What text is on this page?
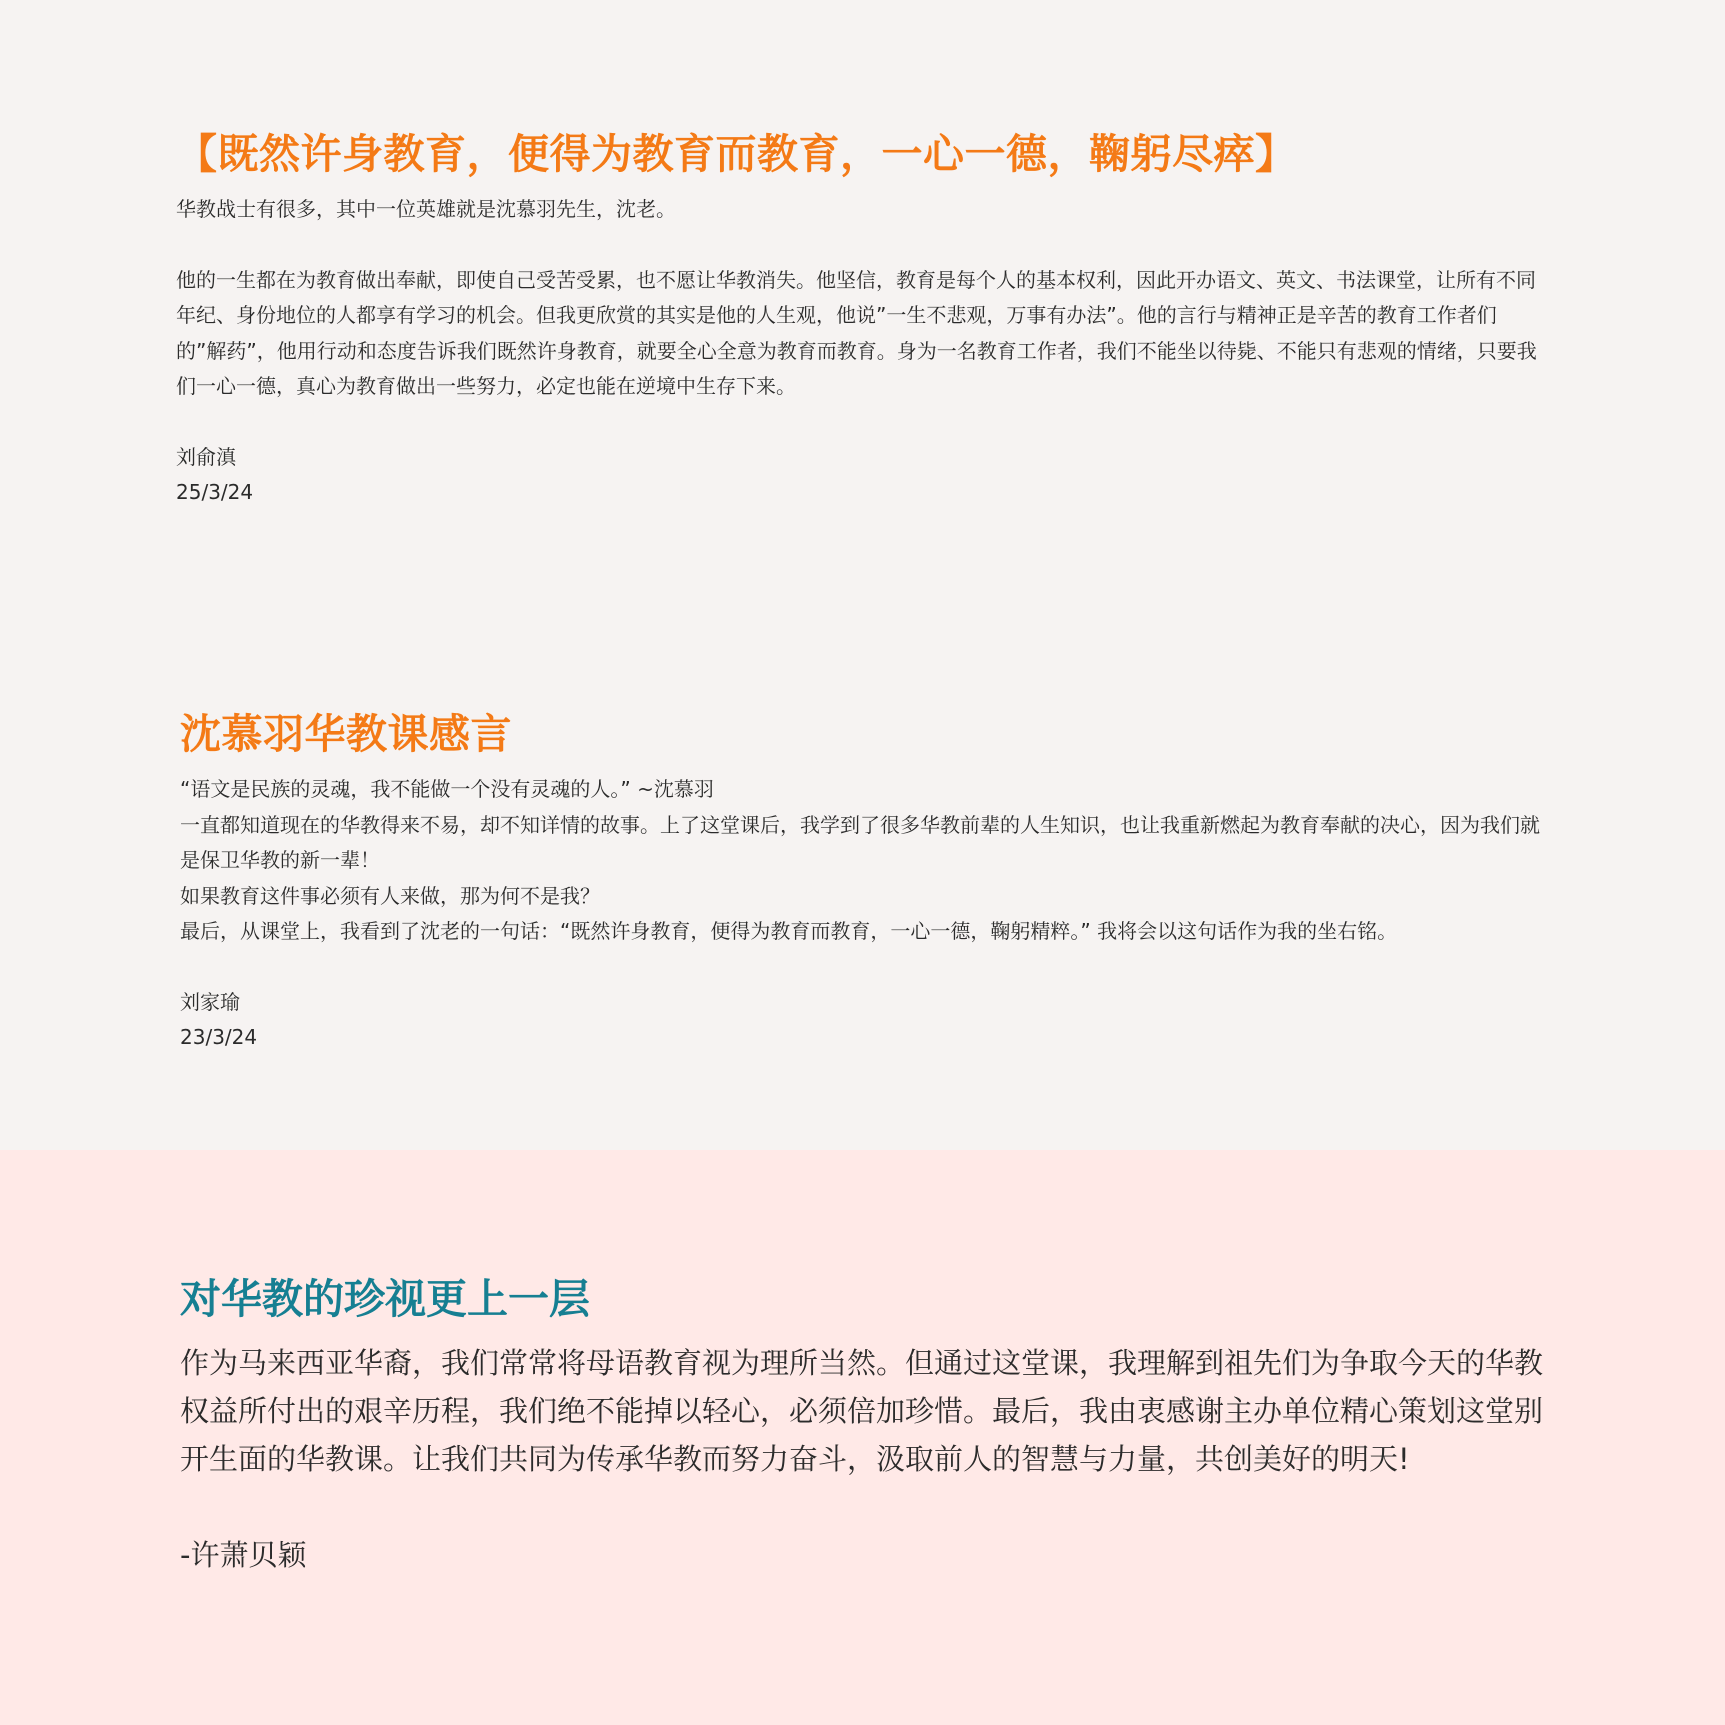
【既然许身教育，便得为教育而教育，一心一德，鞠躬尽瘁】

华教战士有很多，其中一位英雄就是沈慕羽先生，沈老。

他的一生都在为教育做出奉献，即使自己受苦受累，也不愿让华教消失。他坚信，教育是每个人的基本权利，因此开办语文、英文、书法课堂，让所有不同年纪、身份地位的人都享有学习的机会。但我更欣赏的其实是他的人生观，他说”一生不悲观，万事有办法”。他的言行与精神正是辛苦的教育工作者们的”解药”，他用行动和态度告诉我们既然许身教育，就要全心全意为教育而教育。身为一名教育工作者，我们不能坐以待毙、不能只有悲观的情绪，只要我们一心一德，真心为教育做出一些努力，必定也能在逆境中生存下来。

刘俞滇

25/3/24

沈慕羽华教课感言

“语文是民族的灵魂，我不能做一个没有灵魂的人。” ~沈慕羽

一直都知道现在的华教得来不易，却不知详情的故事。上了这堂课后，我学到了很多华教前辈的人生知识，也让我重新燃起为教育奉献的决心，因为我们就是保卫华教的新一辈！

如果教育这件事必须有人来做，那为何不是我？

最后，从课堂上，我看到了沈老的一句话：“既然许身教育，便得为教育而教育，一心一德，鞠躬精粹。” 我将会以这句话作为我的坐右铭。

刘家瑜

23/3/24

对华教的珍视更上一层

作为马来西亚华裔，我们常常将母语教育视为理所当然。但通过这堂课，我理解到祖先们为争取今天的华教权益所付出的艰辛历程，我们绝不能掉以轻心，必须倍加珍惜。最后，我由衷感谢主办单位精心策划这堂别开生面的华教课。让我们共同为传承华教而努力奋斗，汲取前人的智慧与力量，共创美好的明天!

-许萧贝颖
